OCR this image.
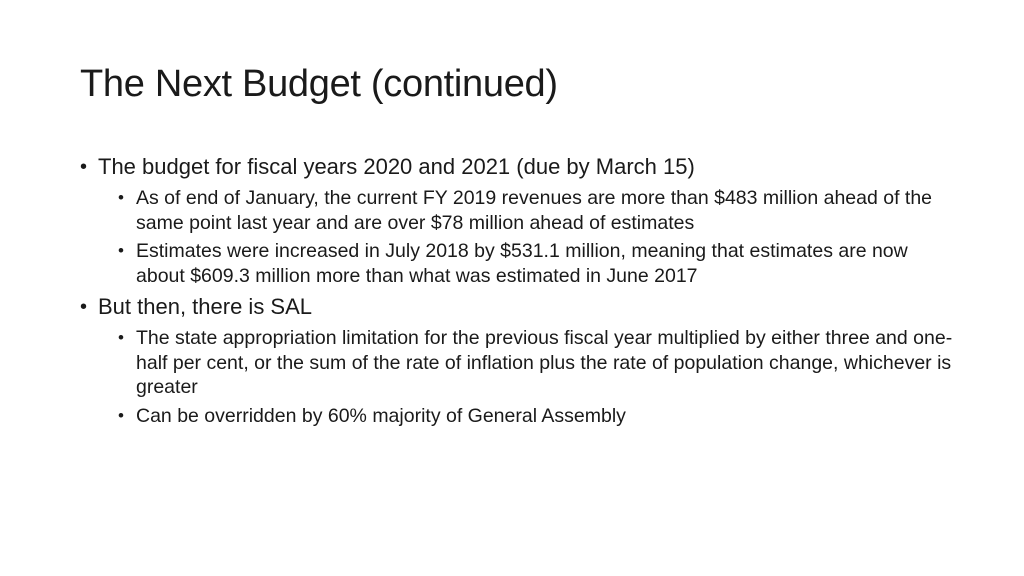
The Next Budget (continued)
• The budget for fiscal years 2020 and 2021 (due by March 15)
• As of end of January, the current FY 2019 revenues are more than $483 million ahead of the same point last year and are over $78 million ahead of estimates
• Estimates were increased in July 2018 by $531.1 million, meaning that estimates are now about $609.3 million more than what was estimated in June 2017
• But then, there is SAL
• The state appropriation limitation for the previous fiscal year multiplied by either three and one-half per cent, or the sum of the rate of inflation plus the rate of population change, whichever is greater
• Can be overridden by 60% majority of General Assembly
